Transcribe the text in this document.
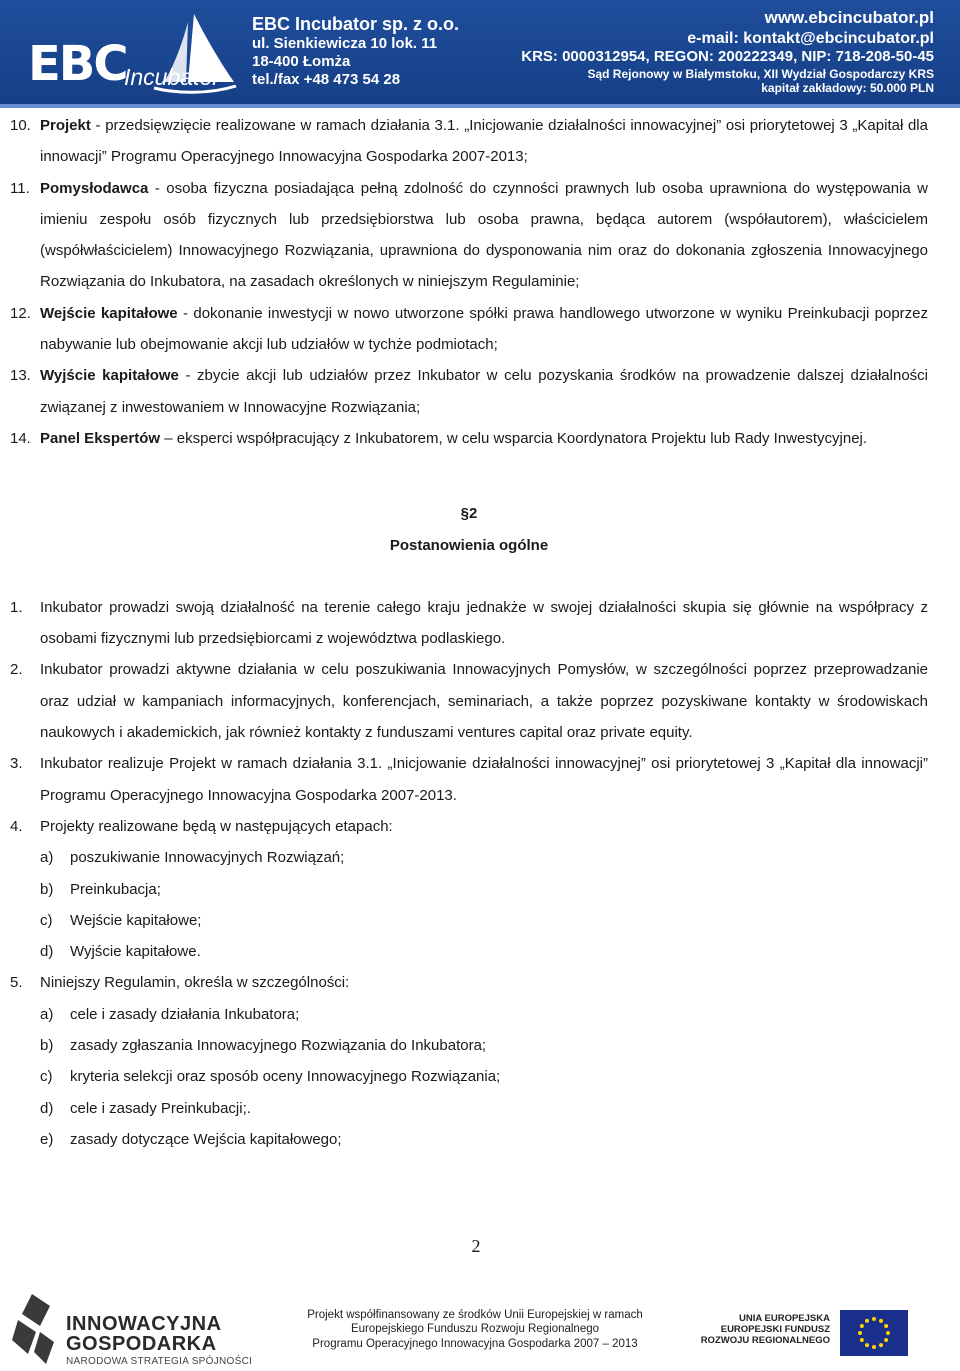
EBC
Incubator
EBC Incubator sp. z o.o.
ul. Sienkiewicza 10 lok. 11
18-400 Łomża
tel./fax +48 473 54 28
www.ebcincubator.pl
e-mail: kontakt@ebcincubator.pl
KRS: 0000312954, REGON: 200222349, NIP: 718-208-50-45
Sąd Rejonowy w Białymstoku, XII Wydział Gospodarczy KRS
kapitał zakładowy: 50.000 PLN
10. Projekt - przedsięwzięcie realizowane w ramach działania 3.1. „Inicjowanie działalności innowacyjnej” osi priorytetowej 3 „Kapitał dla innowacji” Programu Operacyjnego Innowacyjna Gospodarka 2007-2013;
11. Pomysłodawca - osoba fizyczna posiadająca pełną zdolność do czynności prawnych lub osoba uprawniona do występowania w imieniu zespołu osób fizycznych lub przedsiębiorstwa lub osoba prawna, będąca autorem (współautorem), właścicielem (współwłaścicielem) Innowacyjnego Rozwiązania, uprawniona do dysponowania nim oraz do dokonania zgłoszenia Innowacyjnego Rozwiązania do Inkubatora, na zasadach określonych w niniejszym Regulaminie;
12. Wejście kapitałowe - dokonanie inwestycji w nowo utworzone spółki prawa handlowego utworzone w wyniku Preinkubacji poprzez nabywanie lub obejmowanie akcji lub udziałów w tychże podmiotach;
13. Wyjście kapitałowe - zbycie akcji lub udziałów przez Inkubator w celu pozyskania środków na prowadzenie dalszej działalności związanej z inwestowaniem w Innowacyjne Rozwiązania;
14. Panel Ekspertów – eksperci współpracujący z Inkubatorem, w celu wsparcia Koordynatora Projektu lub Rady Inwestycyjnej.
§2
Postanowienia ogólne
1.	Inkubator prowadzi swoją działalność na terenie całego kraju jednakże w swojej działalności skupia się głównie na współpracy z osobami fizycznymi lub przedsiębiorcami z województwa podlaskiego.
2.	Inkubator prowadzi aktywne działania w celu poszukiwania Innowacyjnych Pomysłów, w szczególności poprzez przeprowadzanie oraz udział w kampaniach informacyjnych, konferencjach, seminariach, a także poprzez pozyskiwane kontakty w środowiskach naukowych i akademickich, jak również kontakty z funduszami ventures capital oraz private equity.
3.	Inkubator realizuje Projekt w ramach działania 3.1. „Inicjowanie działalności innowacyjnej” osi priorytetowej 3 „Kapitał dla innowacji” Programu Operacyjnego Innowacyjna Gospodarka 2007-2013.
4.	Projekty realizowane będą w następujących etapach:
a)	poszukiwanie Innowacyjnych Rozwiązań;
b)	Preinkubacja;
c)	Wejście kapitałowe;
d)	Wyjście kapitałowe.
5.	Niniejszy Regulamin, określa w szczególności:
a)	cele i zasady działania Inkubatora;
b)	zasady zgłaszania Innowacyjnego Rozwiązania do Inkubatora;
c)	kryteria selekcji oraz sposób oceny Innowacyjnego Rozwiązania;
d)	cele i zasady Preinkubacji;.
e)	zasady dotyczące Wejścia kapitałowego;
2
INNOWACYJNA
GOSPODARKA
NARODOWA STRATEGIA SPÓJNOŚCI
Projekt współfinansowany ze środków Unii Europejskiej w ramach
Europejskiego Funduszu Rozwoju Regionalnego
Programu Operacyjnego Innowacyjna Gospodarka 2007 – 2013
UNIA EUROPEJSKA
EUROPEJSKI FUNDUSZ
ROZWOJU REGIONALNEGO
